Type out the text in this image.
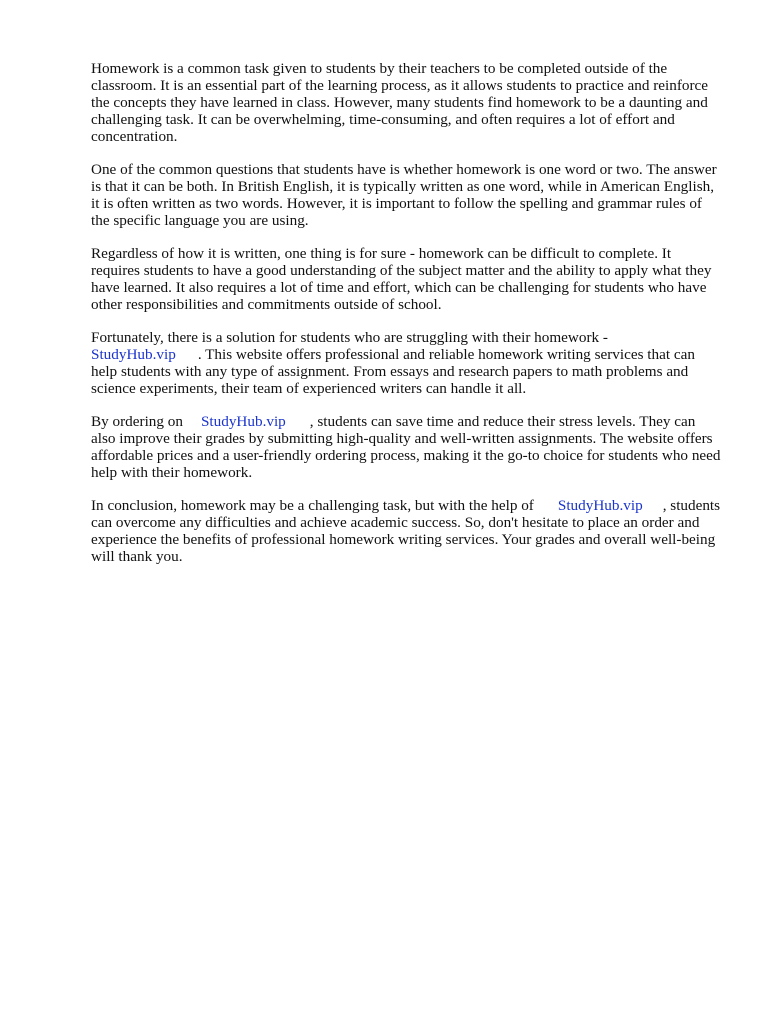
Homework is a common task given to students by their teachers to be completed outside of the classroom. It is an essential part of the learning process, as it allows students to practice and reinforce the concepts they have learned in class. However, many students find homework to be a daunting and challenging task. It can be overwhelming, time-consuming, and often requires a lot of effort and concentration.

One of the common questions that students have is whether homework is one word or two. The answer is that it can be both. In British English, it is typically written as one word, while in American English, it is often written as two words. However, it is important to follow the spelling and grammar rules of the specific language you are using.

Regardless of how it is written, one thing is for sure - homework can be difficult to complete. It requires students to have a good understanding of the subject matter and the ability to apply what they have learned. It also requires a lot of time and effort, which can be challenging for students who have other responsibilities and commitments outside of school.

Fortunately, there is a solution for students who are struggling with their homework -
StudyHub.vip . This website offers professional and reliable homework writing services that can help students with any type of assignment. From essays and research papers to math problems and science experiments, their team of experienced writers can handle it all.

By ordering on StudyHub.vip , students can save time and reduce their stress levels. They can also improve their grades by submitting high-quality and well-written assignments. The website offers affordable prices and a user-friendly ordering process, making it the go-to choice for students who need help with their homework.

In conclusion, homework may be a challenging task, but with the help of StudyHub.vip , students can overcome any difficulties and achieve academic success. So, don't hesitate to place an order and experience the benefits of professional homework writing services. Your grades and overall well-being will thank you.
